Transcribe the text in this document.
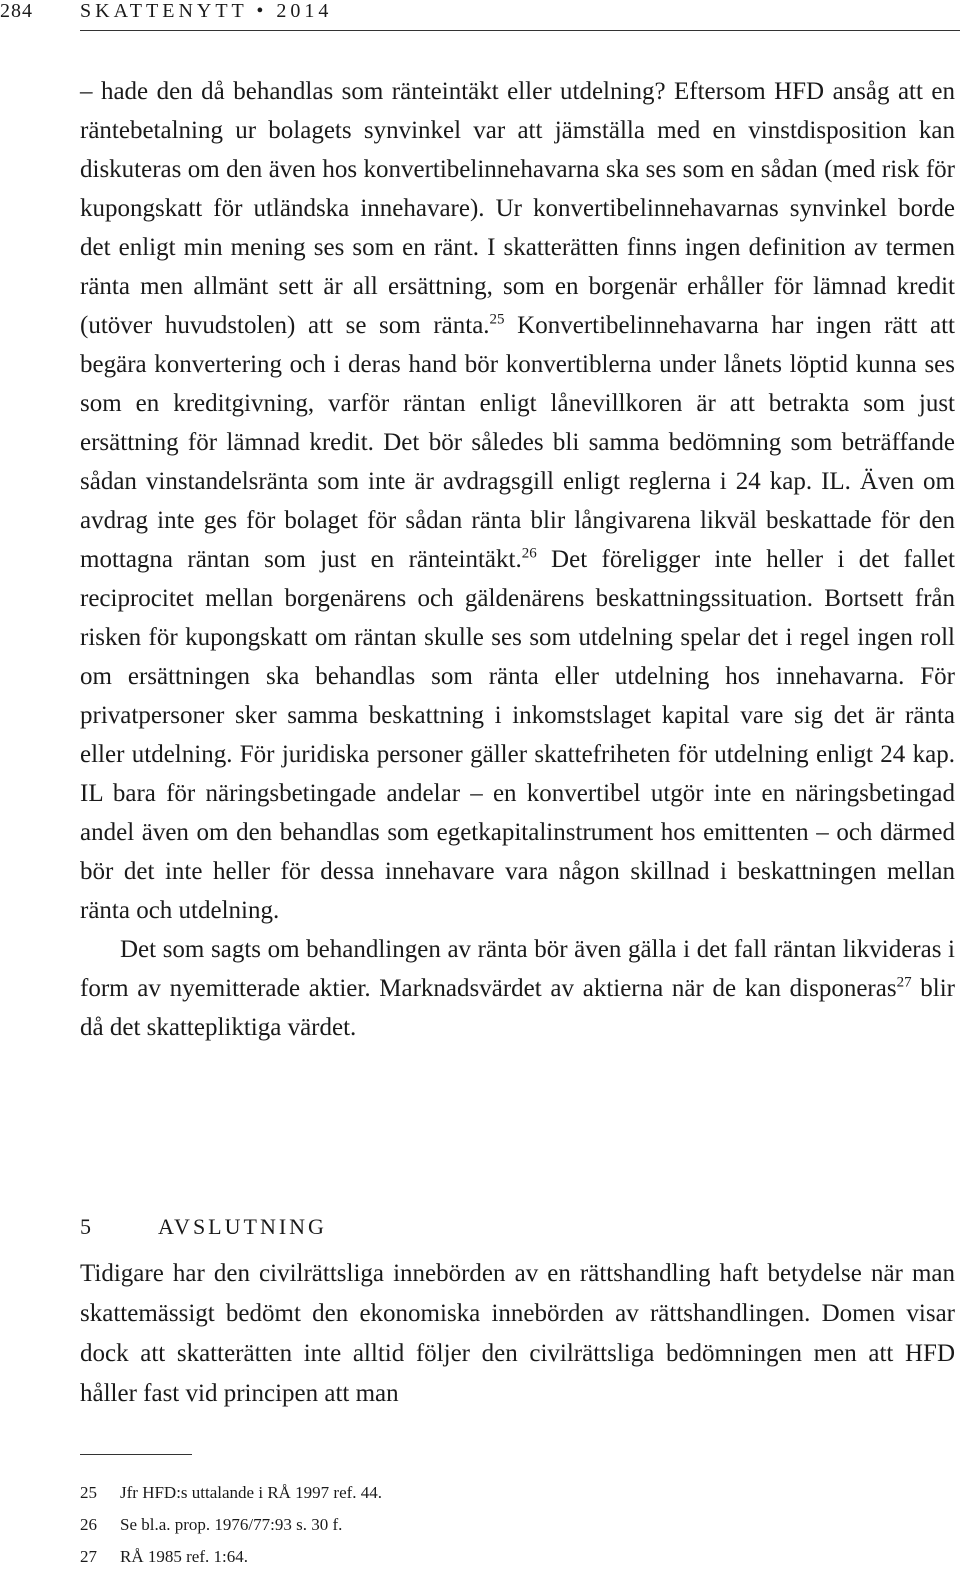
284 SKATTENYTT • 2014

– hade den då behandlas som ränteintäkt eller utdelning? Eftersom HFD ansåg att en räntebetalning ur bolagets synvinkel var att jämställa med en vinstdisposition kan diskuteras om den även hos konvertibelinnehavarna ska ses som en sådan (med risk för kupongskatt för utländska innehavare). Ur konvertibelinnehavarnas synvinkel borde det enligt min mening ses som en ränt. I skatterätten finns ingen definition av termen ränta men allmänt sett är all ersättning, som en borgenär erhåller för lämnad kredit (utöver huvudstolen) att se som ränta.$^{25}$ Konvertibelinnehavarna har ingen rätt att begära konvertering och i deras hand bör konvertiblerna under lånets löptid kunna ses som en kreditgivning, varför räntan enligt lånevillkoren är att betrakta som just ersättning för lämnad kredit. Det bör således bli samma bedömning som beträffande sådan vinstandelsränta som inte är avdragsgill enligt reglerna i 24 kap. IL. Även om avdrag inte ges för bolaget för sådan ränta blir långivarena likväl beskattade för den mottagna räntan som just en ränteintäkt.$^{26}$ Det föreligger inte heller i det fallet reciprocitet mellan borgenärens och gäldenärens beskattningssituation. Bortsett från risken för kupongskatt om räntan skulle ses som utdelning spelar det i regel ingen roll om ersättningen ska behandlas som ränta eller utdelning hos innehavarna. För privatpersoner sker samma beskattning i inkomstslaget kapital vare sig det är ränta eller utdelning. För juridiska personer gäller skattefriheten för utdelning enligt 24 kap. IL bara för näringsbetingade andelar – en konvertibel utgör inte en näringsbetingad andel även om den behandlas som egetkapitalinstrument hos emittenten – och därmed bör det inte heller för dessa innehavare vara någon skillnad i beskattningen mellan ränta och utdelning.

Det som sagts om behandlingen av ränta bör även gälla i det fall räntan likvideras i form av nyemitterade aktier. Marknadsvärdet av aktierna när de kan disponeras$^{27}$ blir då det skattepliktiga värdet.

5	AVSLUTNING

Tidigare har den civilrättsliga innebörden av en rättshandling haft betydelse när man skattemässigt bedömt den ekonomiska innebörden av rättshandlingen. Domen visar dock att skatterätten inte alltid följer den civilrättsliga bedömningen men att HFD håller fast vid principen att man

25	Jfr HFD:s uttalande i RÅ 1997 ref. 44.
26	Se bl.a. prop. 1976/77:93 s. 30 f.
27	RÅ 1985 ref. 1:64.
